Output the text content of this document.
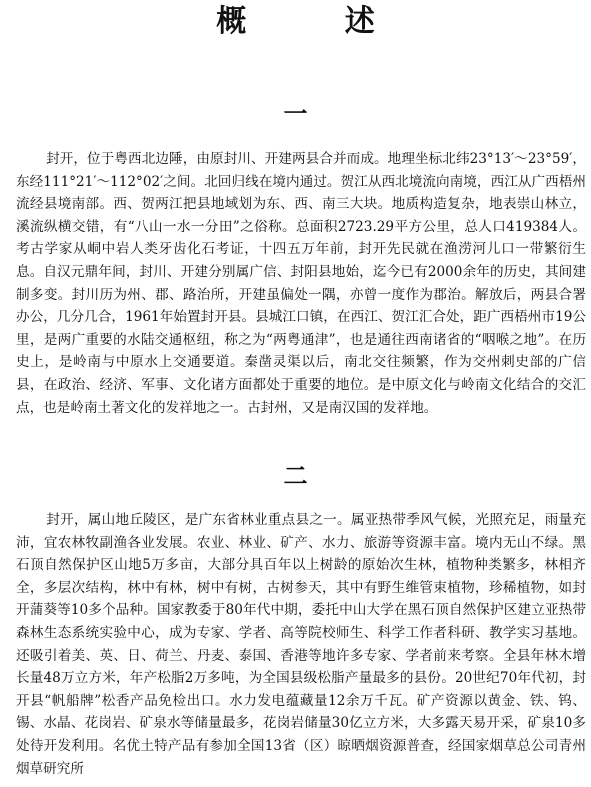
概 述
一

封开，位于粤西北边陲，由原封川、开建两县合并而成。地理坐标北纬23°13′～23°59′，东经111°21′～112°02′之间。北回归线在境内通过。贺江从西北境流向南境，西江从广西梧州流经县境南部。西、贺两江把县地域划为东、西、南三大块。地质构造复杂，地表崇山林立，溪流纵横交错，有“八山一水一分田”之俗称。总面积2723.29平方公里，总人口419384人。考古学家从峒中岩人类牙齿化石考证，十四五万年前，封开先民就在渔涝河儿口一带繁衍生息。自汉元鼎年间，封川、开建分别属广信、封阳县地始，迄今已有2000余年的历史，其间建制多变。封川历为州、郡、路治所，开建虽偏处一隅，亦曾一度作为郡治。解放后，两县合署办公，几分几合，1961年始置封开县。县城江口镇，在西江、贺江汇合处，距广西梧州市19公里，是两广重要的水陆交通枢纽，称之为“两粤通津”，也是通往西南诸省的“咽喉之地”。在历史上，是岭南与中原水上交通要道。秦凿灵渠以后，南北交往频繁，作为交州刺史部的广信县，在政治、经济、军事、文化诸方面都处于重要的地位。是中原文化与岭南文化结合的交汇点，也是岭南土著文化的发祥地之一。古封州，又是南汉国的发祥地。

二

封开，属山地丘陵区，是广东省林业重点县之一。属亚热带季风气候，光照充足，雨量充沛，宜农林牧副渔各业发展。农业、林业、矿产、水力、旅游等资源丰富。境内无山不绿。黑石顶自然保护区山地5万多亩，大部分具百年以上树龄的原始次生林，植物种类繁多，林相齐全，多层次结构，林中有林，树中有树，古树参天，其中有野生维管束植物，珍稀植物，如封开蒲葵等10多个品种。国家教委于80年代中期，委托中山大学在黑石顶自然保护区建立亚热带森林生态系统实验中心，成为专家、学者、高等院校师生、科学工作者科研、教学实习基地。还吸引着美、英、日、荷兰、丹麦、泰国、香港等地许多专家、学者前来考察。全县年林木增长量48万立方米，年产松脂2万多吨，为全国县级松脂产量最多的县份。20世纪70年代初，封开县“帆船牌”松香产品免检出口。水力发电蕴藏量12余万千瓦。矿产资源以黄金、铁、钨、锡、水晶、花岗岩、矿泉水等储量最多，花岗岩储量30亿立方米，大多露天易开采，矿泉10多处待开发利用。名优土特产品有参加全国13省（区）晾晒烟资源普查，经国家烟草总公司青州烟草研究所
